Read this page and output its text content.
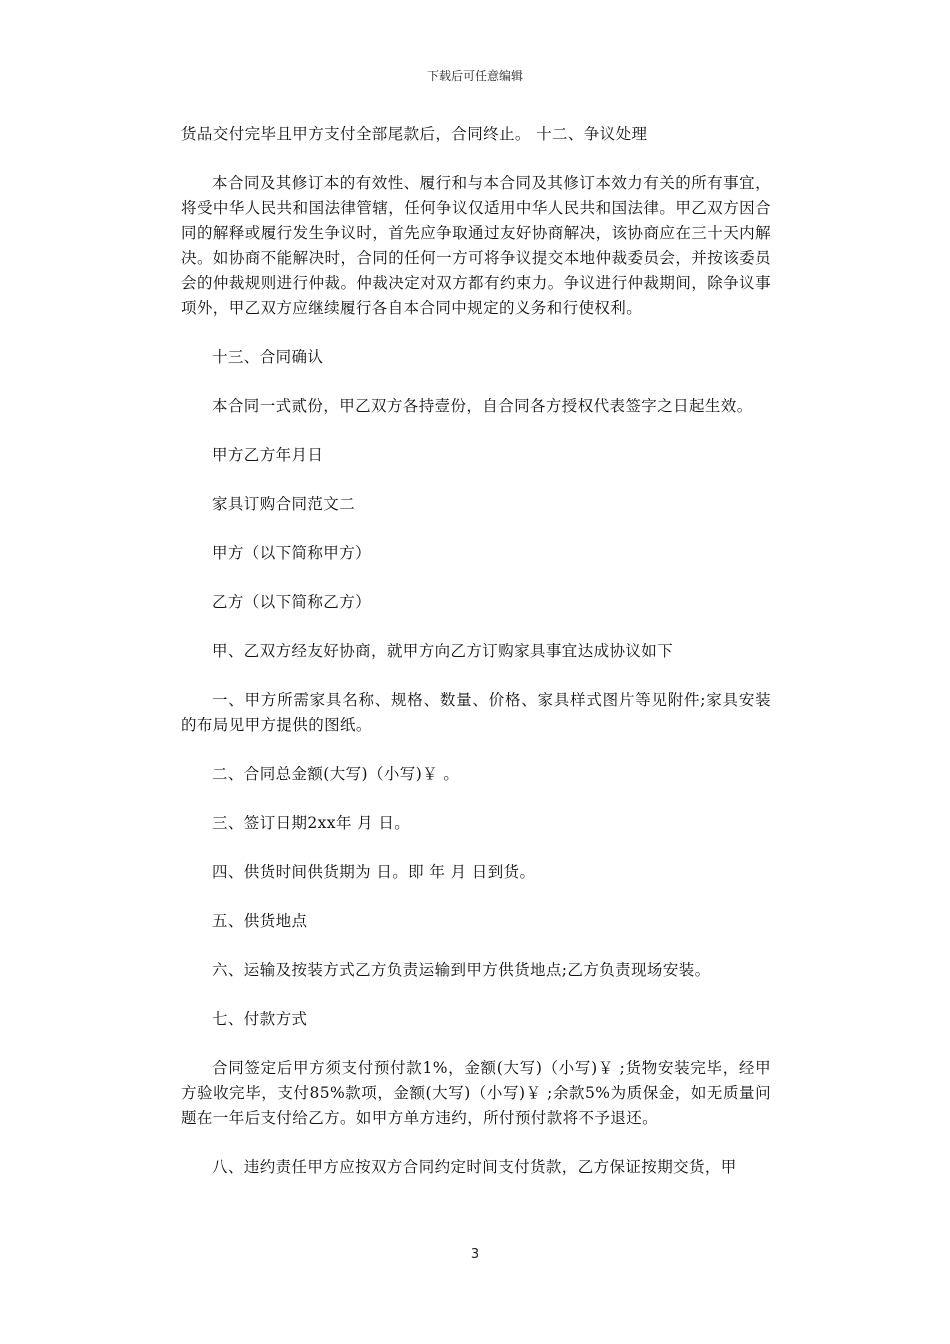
下载后可任意编辑

货品交付完毕且甲方支付全部尾款后，合同终止。 十二、争议处理

本合同及其修订本的有效性、履行和与本合同及其修订本效力有关的所有事宜，将受中华人民共和国法律管辖，任何争议仅适用中华人民共和国法律。甲乙双方因合同的解释或履行发生争议时，首先应争取通过友好协商解决，该协商应在三十天内解决。如协商不能解决时，合同的任何一方可将争议提交本地仲裁委员会，并按该委员会的仲裁规则进行仲裁。仲裁决定对双方都有约束力。争议进行仲裁期间，除争议事项外，甲乙双方应继续履行各自本合同中规定的义务和行使权利。

十三、合同确认

本合同一式贰份，甲乙双方各持壹份，自合同各方授权代表签字之日起生效。

甲方乙方年月日

家具订购合同范文二

甲方（以下简称甲方）

乙方（以下简称乙方）

甲、乙双方经友好协商，就甲方向乙方订购家具事宜达成协议如下

一、甲方所需家具名称、规格、数量、价格、家具样式图片等见附件;家具安装的布局见甲方提供的图纸。

二、合同总金额(大写)（小写)￥ 。

三、签订日期2xx年 月 日。

四、供货时间供货期为 日。即 年 月 日到货。

五、供货地点

六、运输及按装方式乙方负责运输到甲方供货地点;乙方负责现场安装。

七、付款方式

合同签定后甲方须支付预付款1%，金额(大写)（小写)￥ ;货物安装完毕，经甲方验收完毕，支付85%款项，金额(大写)（小写)￥ ;余款5%为质保金，如无质量问题在一年后支付给乙方。如甲方单方违约，所付预付款将不予退还。

八、违约责任甲方应按双方合同约定时间支付货款，乙方保证按期交货，甲

3
